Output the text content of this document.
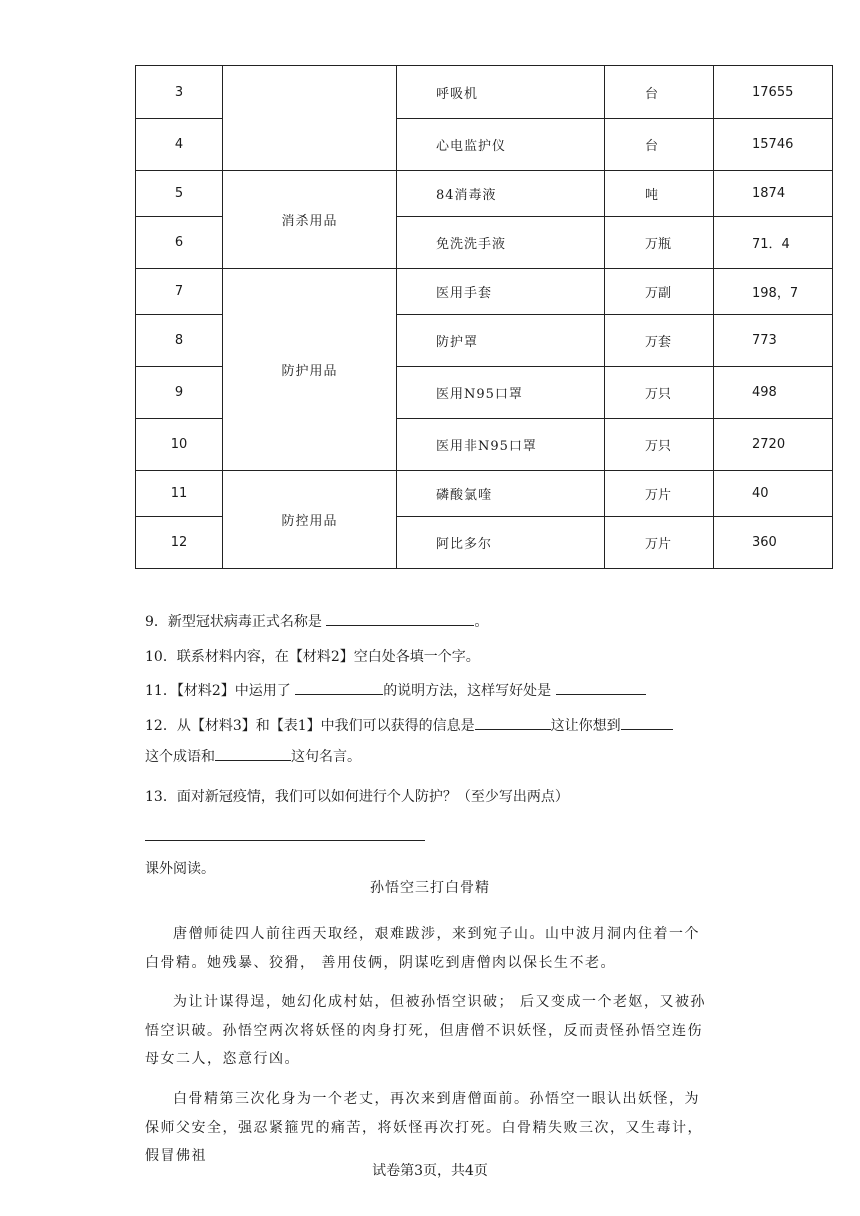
3		呼吸机	台	17655
4		心电监护仪	台	15746
5	消杀用品	84消毒液	吨	1874
6		免洗洗手液	万瓶	71．4
7	防护用品	医用手套	万副	198，7
8		防护罩	万套	773
9		医用N95口罩	万只	498
10		医用非N95口罩	万只	2720
11	防控用品	磷酸氯喹	万片	40
12		阿比多尔	万片	360
9．新型冠状病毒正式名称是	。
10．联系材料内容，在【材料2】空白处各填一个字。
11．【材料2】中运用了	的说明方法，这样写好处是
12．从【材料3】和【表1】中我们可以获得的信息是	这让你想到
这个成语和	这句名言。
13．面对新冠疫情，我们可以如何进行个人防护？（至少写出两点）
课外阅读。
孙悟空三打白骨精

唐僧师徒四人前往西天取经，艰难跋涉，来到宛子山。山中波月洞内住着一个白骨精。她残暴、狡猾， 善用伎俩，阴谋吃到唐僧肉以保长生不老。

为让计谋得逞，她幻化成村姑，但被孙悟空识破； 后又变成一个老妪，又被孙悟空识破。孙悟空两次将妖怪的肉身打死，但唐僧不识妖怪，反而责怪孙悟空连伤母女二人，恣意行凶。

白骨精第三次化身为一个老丈，再次来到唐僧面前。孙悟空一眼认出妖怪，为保师父安全，强忍紧箍咒的痛苦，将妖怪再次打死。白骨精失败三次，又生毒计，假冒佛祖

试卷第3页，共4页
